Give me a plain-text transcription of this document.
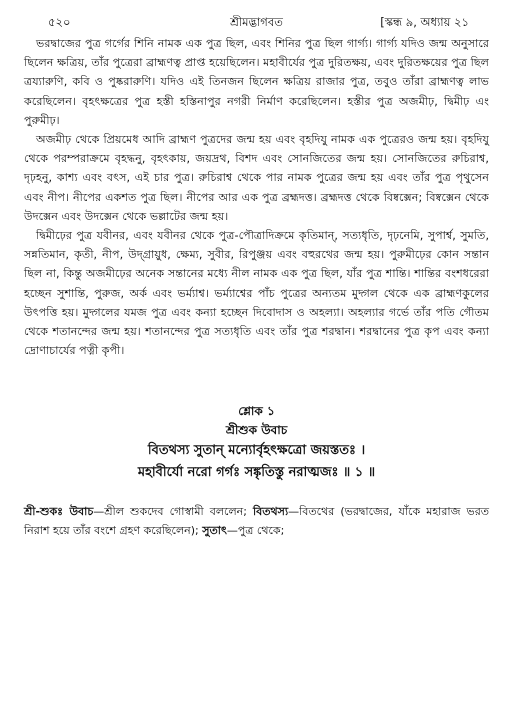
৫২০	শ্রীমদ্ভাগবত	[স্কন্ধ ৯, অধ্যায় ২১

ভরদ্বাজের পুত্র গর্গের শিনি নামক এক পুত্র ছিল, এবং শিনির পুত্র ছিল গার্গ্য। গার্গ্য যদিও জন্ম অনুসারে ছিলেন ক্ষত্রিয়, তাঁর পুত্রেরা ব্রাহ্মণত্ব প্রাপ্ত হয়েছিলেন। মহাবীর্যের পুত্র দুরিতক্ষয়, এবং দুরিতক্ষয়ের পুত্র ছিল ত্রয্যারুণি, কবি ও পুষ্করারুণি। যদিও এই তিনজন ছিলেন ক্ষত্রিয় রাজার পুত্র, তবুও তাঁরা ব্রাহ্মণত্ব লাভ করেছিলেন। বৃহৎক্ষত্রের পুত্র হস্তী হস্তিনাপুর নগরী নির্মাণ করেছিলেন। হস্তীর পুত্র অজমীঢ়, দ্বিমীঢ় এং পুরুমীঢ়।

অজমীঢ় থেকে প্রিয়মেধ আদি ব্রাহ্মণ পুত্রদের জন্ম হয় এবং বৃহদিযু নামক এক পুত্রেরও জন্ম হয়। বৃহদিযু থেকে পরম্পরাক্রমে বৃহদ্ধনু, বৃহৎকায়, জয়দ্রথ, বিশদ এবং সোনজিতের জন্ম হয়। সোনজিতের রুচিরাশ্ব, দৃঢ়হনু, কাশ্য এবং বৎস, এই চার পুত্র। রুচিরাশ্ব থেকে পার নামক পুত্রের জন্ম হয় এবং তাঁর পুত্র পৃথুসেন এবং নীপ। নীপের একশত পুত্র ছিল। নীপের আর এক পুত্র ব্রহ্মদত্ত। ব্রহ্মদত্ত থেকে বিষ্বক্সেন; বিষ্বক্সেন থেকে উদক্সেন এবং উদক্সেন থেকে ভল্লাটের জন্ম হয়।

দ্বিমীঢ়ের পুত্র যবীনর, এবং যবীনর থেকে পুত্র-পৌত্রাদিক্রমে কৃতিমান্, সত্যধৃতি, দৃঢ়নেমি, সুপার্শ্ব, সুমতি, সন্নতিমান, কৃতী, নীপ, উদ্গ্রায়ুধ, ক্ষেম্য, সুবীর, রিপুঞ্জয় এবং বহুরথের জন্ম হয়। পুরুমীঢ়ের কোন সন্তান ছিল না, কিন্তু অজমীঢ়ের অনেক সন্তানের মধ্যে নীল নামক এক পুত্র ছিল, যাঁর পুত্র শান্তি। শান্তির বংশধরেরা হচ্ছেন সুশান্তি, পুরুজ, অর্ক এবং ভর্ম্যাশ্ব। ভর্ম্যাশ্বের পাঁচ পুত্রের অন্যতম মুদ্গল থেকে এক ব্রাহ্মণকুলের উৎপত্তি হয়। মুদ্গলের যমজ পুত্র এবং কন্যা হচ্ছেন দিবোদাস ও অহল্যা। অহল্যার গর্ভে তাঁর পতি গৌতম থেকে শতানন্দের জন্ম হয়। শতানন্দের পুত্র সত্যধৃতি এবং তাঁর পুত্র শরদ্বান। শরদ্বানের পুত্র কৃপ এবং কন্যা দ্রোণাচার্যের পত্নী কৃপী।

শ্লোক ১
শ্রীশুক উবাচ
বিতথস্য সুতান্ মন্যোর্বৃহৎক্ষত্রো জয়স্ততঃ ।
মহাবীর্যো নরো গর্গঃ সঙ্কৃতিস্তু নরাত্মজঃ ॥ ১ ॥
শ্রী-শুকঃ উবাচ—শ্রীল শুকদেব গোস্বামী বললেন; বিতথস্য—বিতথের (ভরদ্বাজের, যাঁকে মহারাজ ভরত নিরাশ হয়ে তাঁর বংশে গ্রহণ করেছিলেন); সুতাৎ—পুত্র থেকে;
